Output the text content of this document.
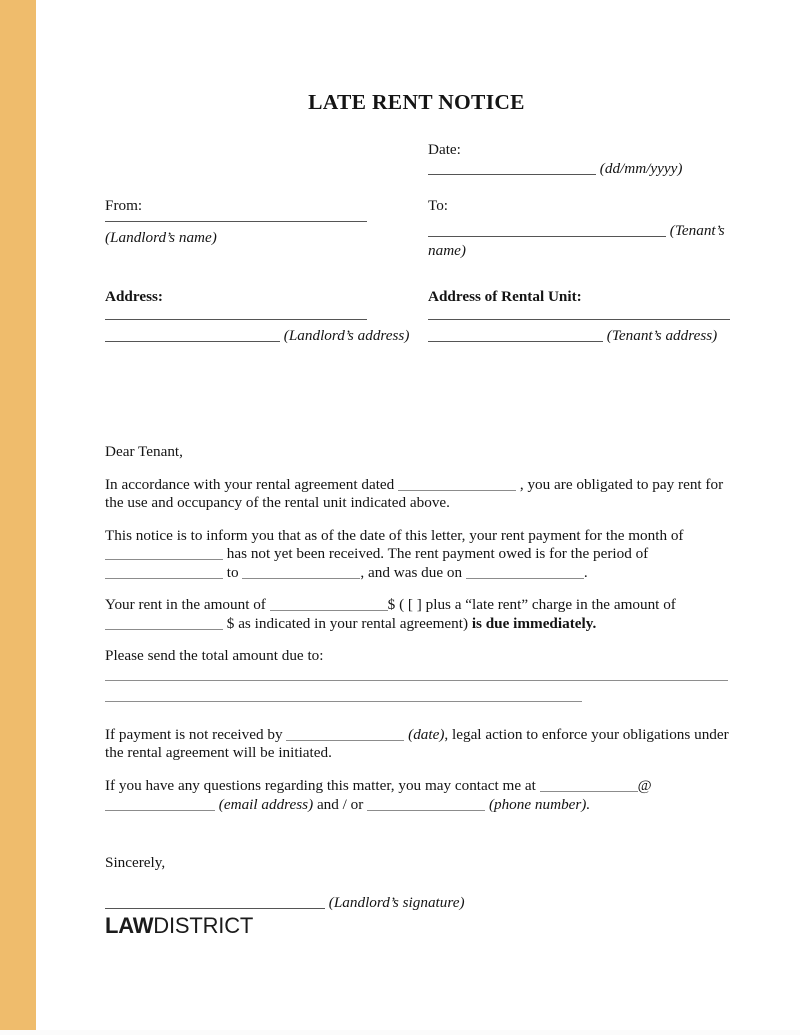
LATE RENT NOTICE
Date:
(dd/mm/yyyy)
From:
(Landlord’s name)
To:
(Tenant’s
name)
Address:
(Landlord’s address)
Address of Rental Unit:
(Tenant’s address)

Dear Tenant,

In accordance with your rental agreement dated	, you are obligated to pay rent for the use and occupancy of the rental unit indicated above.

This notice is to inform you that as of the date of this letter, your rent payment for the month of  has not yet been received. The rent payment owed is for the period of  to	, and was due on	.

Your rent in the amount of	$ ( [ ] plus a “late rent” charge in the amount of  $ as indicated in your rental agreement) is due immediately.

Please send the total amount due to:

If payment is not received by	(date), legal action to enforce your obligations under the rental agreement will be initiated.

If you have any questions regarding this matter, you may contact me at	@ (email address) and / or	(phone number).

Sincerely,

(Landlord’s signature)
LAWDISTRICT
